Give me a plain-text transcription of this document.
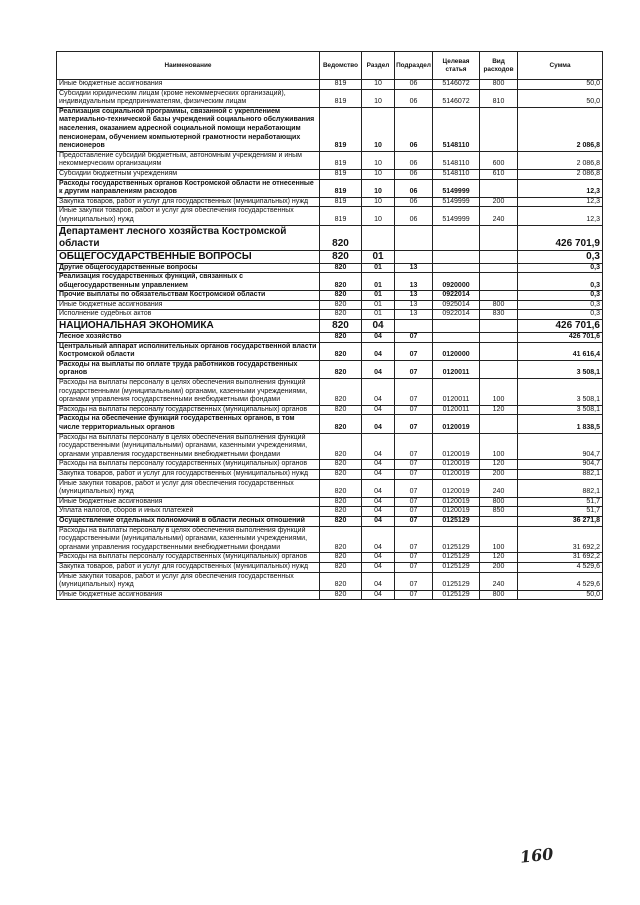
Наименование	Ведомство	Раздел	Подраздел	Целевая статья	Вид расходов	Сумма
Иные бюджетные ассигнования	819	10	06	5146072	800	50,0
Субсидии юридическим лицам (кроме некоммерческих организаций), индивидуальным предпринимателям, физическим лицам	819	10	06	5146072	810	50,0
Реализация социальной программы, связанной с укреплением материально-технической базы учреждений социального обслуживания населения, оказанием адресной социальной помощи неработающим пенсионерам, обучением компьютерной грамотности неработающих пенсионеров	819	10	06	5148110		2 086,8
Предоставление субсидий бюджетным, автономным учреждениям и иным некоммерческим организациям	819	10	06	5148110	600	2 086,8
Субсидии бюджетным учреждениям	819	10	06	5148110	610	2 086,8
Расходы государственных органов Костромской области не отнесенные к другим направлениям расходов	819	10	06	5149999		12,3
Закупка товаров, работ и услуг для государственных (муниципальных) нужд	819	10	06	5149999	200	12,3
Иные закупки товаров, работ и услуг для обеспечения государственных (муниципальных) нужд	819	10	06	5149999	240	12,3
Департамент лесного хозяйства Костромской области	820					426 701,9
ОБЩЕГОСУДАРСТВЕННЫЕ ВОПРОСЫ	820	01				0,3
Другие общегосударственные вопросы	820	01	13			0,3
Реализация государственных функций, связанных с общегосударственным управлением	820	01	13	0920000		0,3
Прочие выплаты по обязательствам Костромской области	820	01	13	0922014		0,3
Иные бюджетные ассигнования	820	01	13	0925014	800	0,3
Исполнение судебных актов	820	01	13	0922014	830	0,3
НАЦИОНАЛЬНАЯ ЭКОНОМИКА	820	04				426 701,6
Лесное хозяйство	820	04	07			426 701,6
Центральный аппарат исполнительных органов государственной власти Костромской области	820	04	07	0120000		41 616,4
Расходы на выплаты по оплате труда работников государственных органов	820	04	07	0120011		3 508,1
Расходы на выплаты персоналу в целях обеспечения выполнения функций государственными (муниципальными) органами, казенными учреждениями, органами управления государственными внебюджетными фондами	820	04	07	0120011	100	3 508,1
Расходы на выплаты персоналу государственных (муниципальных) органов	820	04	07	0120011	120	3 508,1
Расходы на обеспечение функций государственных органов, в том числе территориальных органов	820	04	07	0120019		1 838,5
Расходы на выплаты персоналу в целях обеспечения выполнения функций государственными (муниципальными) органами, казенными учреждениями, органами управления государственными внебюджетными фондами	820	04	07	0120019	100	904,7
Расходы на выплаты персоналу государственных (муниципальных) органов	820	04	07	0120019	120	904,7
Закупка товаров, работ и услуг для государственных (муниципальных) нужд	820	04	07	0120019	200	882,1
Иные закупки товаров, работ и услуг для обеспечения государственных (муниципальных) нужд	820	04	07	0120019	240	882,1
Иные бюджетные ассигнования	820	04	07	0120019	800	51,7
Уплата налогов, сборов и иных платежей	820	04	07	0120019	850	51,7
Осуществление отдельных полномочий в области лесных отношений	820	04	07	0125129		36 271,8
Расходы на выплаты персоналу в целях обеспечения выполнения функций государственными (муниципальными) органами, казенными учреждениями, органами управления государственными внебюджетными фондами	820	04	07	0125129	100	31 692,2
Расходы на выплаты персоналу государственных (муниципальных) органов	820	04	07	0125129	120	31 692,2
Закупка товаров, работ и услуг для государственных (муниципальных) нужд	820	04	07	0125129	200	4 529,6
Иные закупки товаров, работ и услуг для обеспечения государственных (муниципальных) нужд	820	04	07	0125129	240	4 529,6
Иные бюджетные ассигнования	820	04	07	0125129	800	50,0
160
